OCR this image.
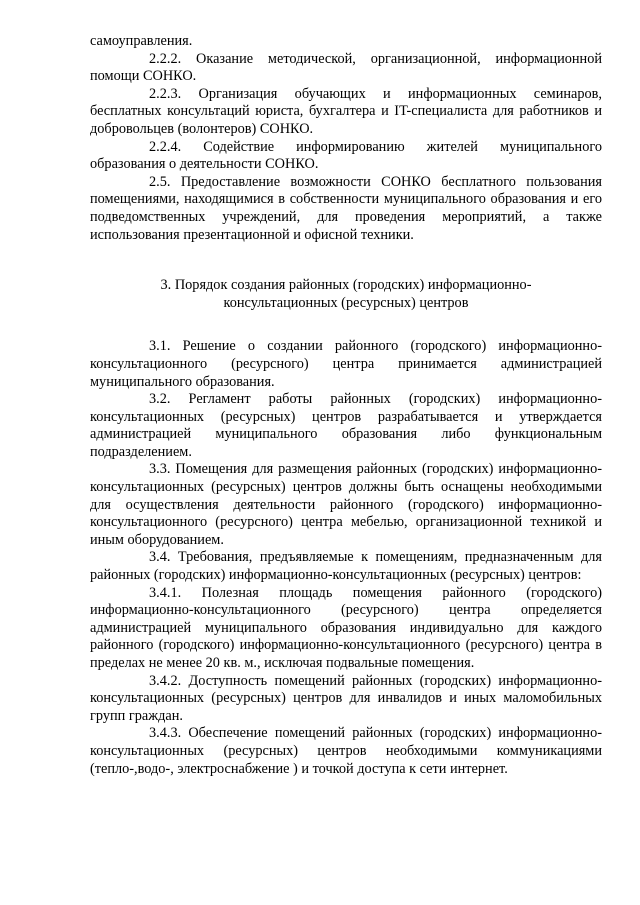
самоуправления.

2.2.2. Оказание методической, организационной, информационной помощи СОНКО.

2.2.3. Организация обучающих и информационных семинаров, бесплатных консультаций юриста, бухгалтера и IT-специалиста для работников и добровольцев (волонтеров) СОНКО.

2.2.4. Содействие информированию жителей муниципального образования о деятельности СОНКО.

2.5. Предоставление возможности СОНКО бесплатного пользования помещениями, находящимися в собственности муниципального образования и его подведомственных учреждений, для проведения мероприятий, а также использования презентационной и офисной техники.

3. Порядок создания районных (городских) информационно-
консультационных (ресурсных) центров

3.1. Решение о создании районного (городского) информационно-консультационного (ресурсного) центра принимается администрацией муниципального образования.

3.2. Регламент работы районных (городских) информационно-консультационных (ресурсных) центров разрабатывается и утверждается администрацией муниципального образования либо функциональным подразделением.

3.3. Помещения для размещения районных (городских) информационно-консультационных (ресурсных) центров должны быть оснащены необходимыми для осуществления деятельности районного (городского) информационно-консультационного (ресурсного) центра мебелью, организационной техникой и иным оборудованием.

3.4. Требования, предъявляемые к помещениям, предназначенным для районных (городских) информационно-консультационных (ресурсных) центров:

3.4.1. Полезная площадь помещения районного (городского) информационно-консультационного (ресурсного) центра определяется администрацией муниципального образования индивидуально для каждого районного (городского) информационно-консультационного (ресурсного) центра в пределах не менее 20 кв. м., исключая подвальные помещения.

3.4.2. Доступность помещений районных (городских) информационно-консультационных (ресурсных) центров для инвалидов и иных маломобильных групп граждан.

3.4.3. Обеспечение помещений районных (городских) информационно-консультационных (ресурсных) центров необходимыми коммуникациями (тепло-,водо-, электроснабжение ) и точкой доступа к сети интернет.
